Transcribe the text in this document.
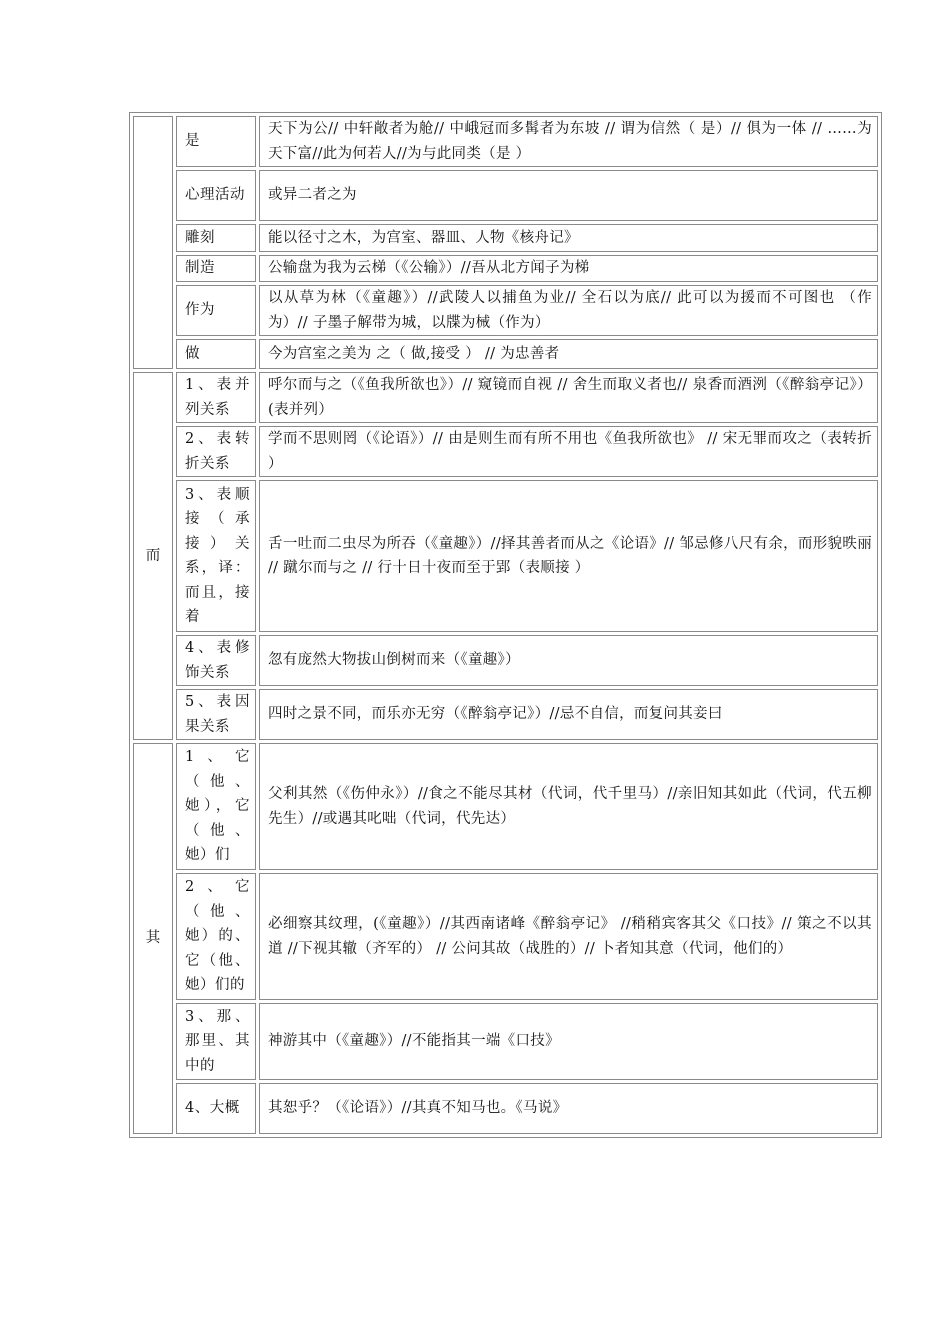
	是	天下为公// 中轩敞者为舱// 中峨冠而多髯者为东坡 // 谓为信然（ 是）// 俱为一体 // ……为天下富//此为何若人//为与此同类（是 ）
	心理活动	或异二者之为
	雕刻	能以径寸之木，为宫室、器皿、人物《核舟记》
	制造	公输盘为我为云梯（《公输》）//吾从北方闻子为梯
	作为	以从草为林（《童趣》）//武陵人以捕鱼为业// 全石以为底// 此可以为援而不可图也 （作为）// 子墨子解带为城，以牒为械（作为）
	做	今为宫室之美为 之（ 做,接受 ） // 为忠善者
而	1、表并列关系	呼尔而与之（《鱼我所欲也》）// 窥镜而自视 // 舍生而取义者也// 泉香而酒洌（《醉翁亭记》）(表并列）
	2、表转折关系	学而不思则罔（《论语》）// 由是则生而有所不用也《鱼我所欲也》 // 宋无罪而攻之（表转折 ）
	3、表顺接（承接）关系，译：而且，接着	舌一吐而二虫尽为所吞（《童趣》）//择其善者而从之《论语》// 邹忌修八尺有余，而形貌昳丽 // 蹴尔而与之 // 行十日十夜而至于郢（表顺接 ）
	4、表修饰关系	忽有庞然大物拔山倒树而来（《童趣》）
	5、表因果关系	四时之景不同，而乐亦无穷（《醉翁亭记》）//忌不自信，而复问其妾曰
其	1、它（他、她），它（他、她）们	父利其然（《伤仲永》）//食之不能尽其材（代词，代千里马）//亲旧知其如此（代词，代五柳先生）//或遇其叱咄（代词，代先达）
	2、它（他、她）的、它（他、她）们的	必细察其纹理，(《童趣》）//其西南诸峰《醉翁亭记》 //稍稍宾客其父《口技》// 策之不以其道 //下视其辙（齐军的） // 公问其故（战胜的）// 卜者知其意（代词，他们的）
	3、那、那里、其中的	神游其中（《童趣》）//不能指其一端《口技》
	4、大概	其恕乎？（《论语》）//其真不知马也。《马说》
